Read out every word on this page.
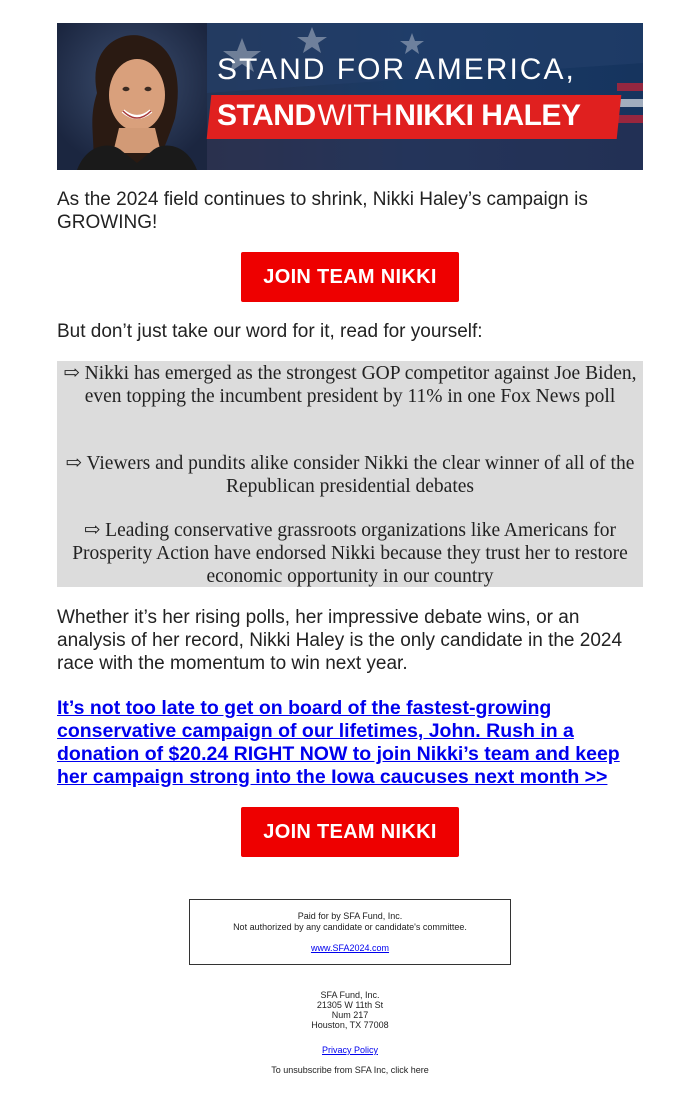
STAND FOR AMERICA,
STAND WITH NIKKI HALEY
As the 2024 field continues to shrink, Nikki Haley’s campaign is GROWING!
JOIN TEAM NIKKI
But don’t just take our word for it, read for yourself:
⇨ Nikki has emerged as the strongest GOP competitor against Joe Biden, even topping the incumbent president by 11% in one Fox News poll
⇨ Viewers and pundits alike consider Nikki the clear winner of all of the Republican presidential debates
⇨ Leading conservative grassroots organizations like Americans for Prosperity Action have endorsed Nikki because they trust her to restore economic opportunity in our country
Whether it’s her rising polls, her impressive debate wins, or an analysis of her record, Nikki Haley is the only candidate in the 2024 race with the momentum to win next year.
It’s not too late to get on board of the fastest-growing conservative campaign of our lifetimes, John. Rush in a donation of $20.24 RIGHT NOW to join Nikki’s team and keep her campaign strong into the Iowa caucuses next month >>
JOIN TEAM NIKKI
Paid for by SFA Fund, Inc.
Not authorized by any candidate or candidate's committee.
www.SFA2024.com
SFA Fund, Inc.
21305 W 11th St
Num 217
Houston, TX 77008
Privacy Policy
To unsubscribe from SFA Inc, click here
